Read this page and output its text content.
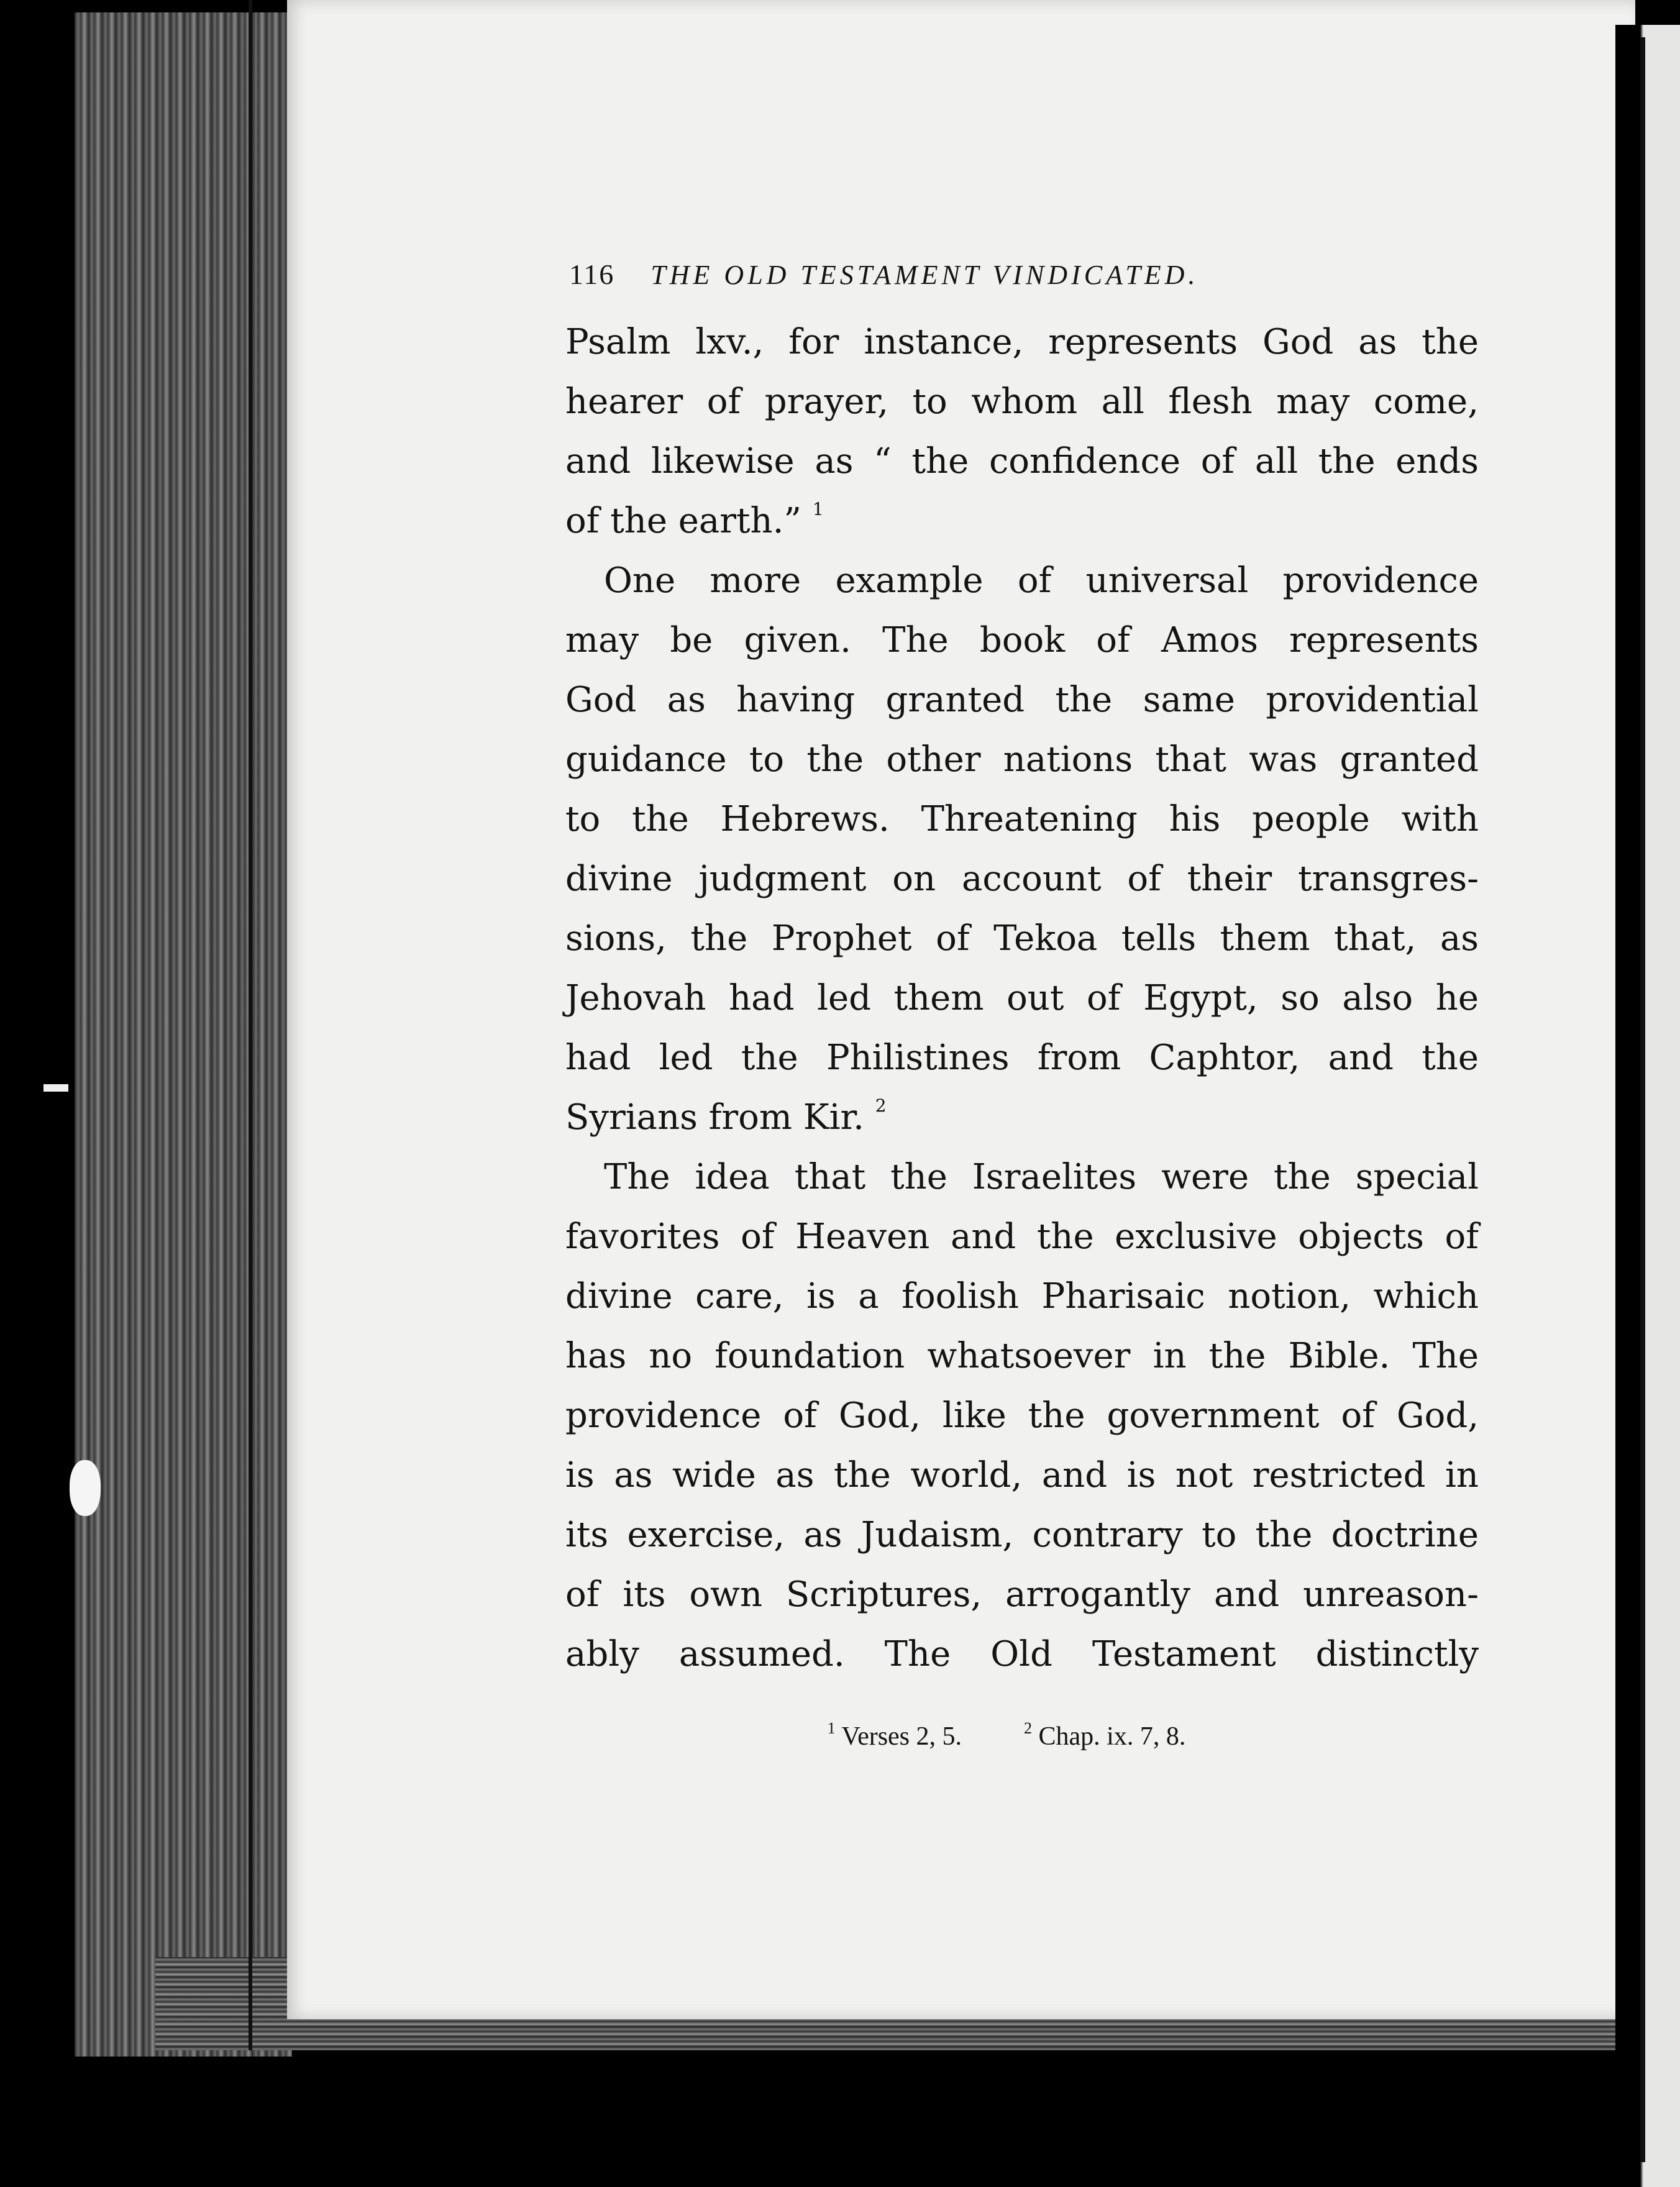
116 THE OLD TESTAMENT VINDICATED.
Psalm lxv., for instance, represents God as the
hearer of prayer, to whom all flesh may come,
and likewise as “ the confidence of all the ends
of the earth.” $^1$
One more example of universal providence
may be given. The book of Amos represents
God as having granted the same providential
guidance to the other nations that was granted
to the Hebrews. Threatening his people with
divine judgment on account of their transgres-
sions, the Prophet of Tekoa tells them that, as
Jehovah had led them out of Egypt, so also he
had led the Philistines from Caphtor, and the
Syrians from Kir. $^2$
The idea that the Israelites were the special
favorites of Heaven and the exclusive objects of
divine care, is a foolish Pharisaic notion, which
has no foundation whatsoever in the Bible. The
providence of God, like the government of God,
is as wide as the world, and is not restricted in
its exercise, as Judaism, contrary to the doctrine
of its own Scriptures, arrogantly and unreason-
ably assumed. The Old Testament distinctly
$^1$ Verses 2, 5.	$^2$ Chap. ix. 7, 8.
